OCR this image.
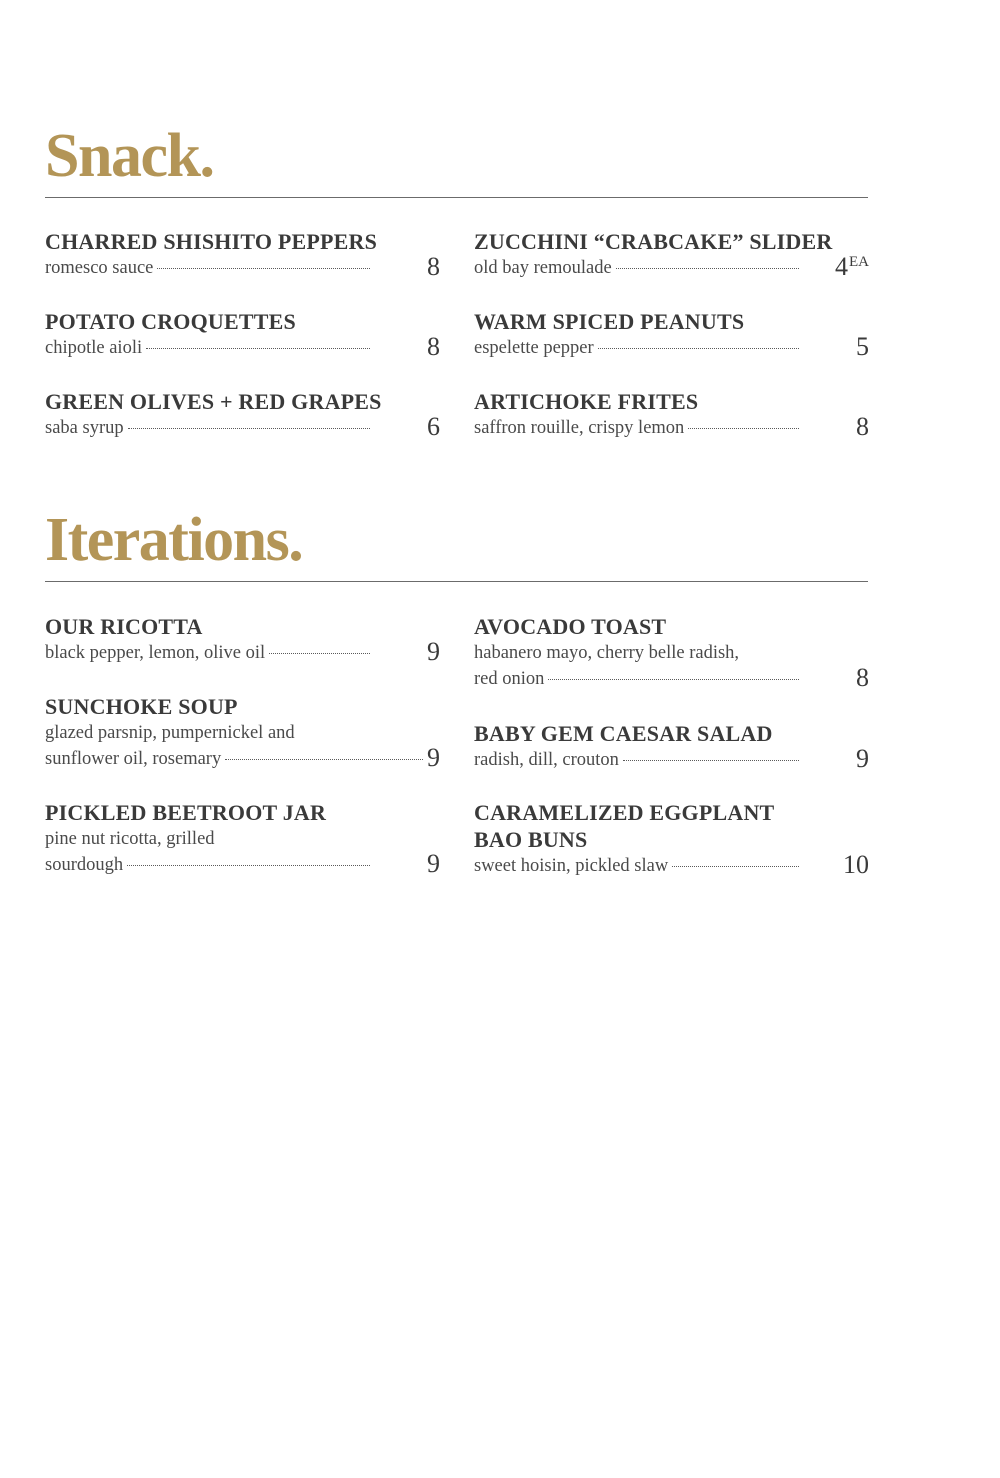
Snack.
CHARRED SHISHITO PEPPERS
romesco sauce	8
POTATO CROQUETTES
chipotle aioli	8
GREEN OLIVES + RED GRAPES
saba syrup	6
ZUCCHINI “CRABCAKE” SLIDER
old bay remoulade	$4^{EA}$
WARM SPICED PEANUTS
espelette pepper	5
ARTICHOKE FRITES
saffron rouille, crispy lemon	8
Iterations.
OUR RICOTTA
black pepper, lemon, olive oil	9
SUNCHOKE SOUP
glazed parsnip, pumpernickel and
sunflower oil, rosemary	9
PICKLED BEETROOT JAR
pine nut ricotta, grilled
sourdough	9
AVOCADO TOAST
habanero mayo, cherry belle radish,
red onion	8
BABY GEM CAESAR SALAD
radish, dill, crouton	9
CARAMELIZED EGGPLANT
BAO BUNS
sweet hoisin, pickled slaw	10
